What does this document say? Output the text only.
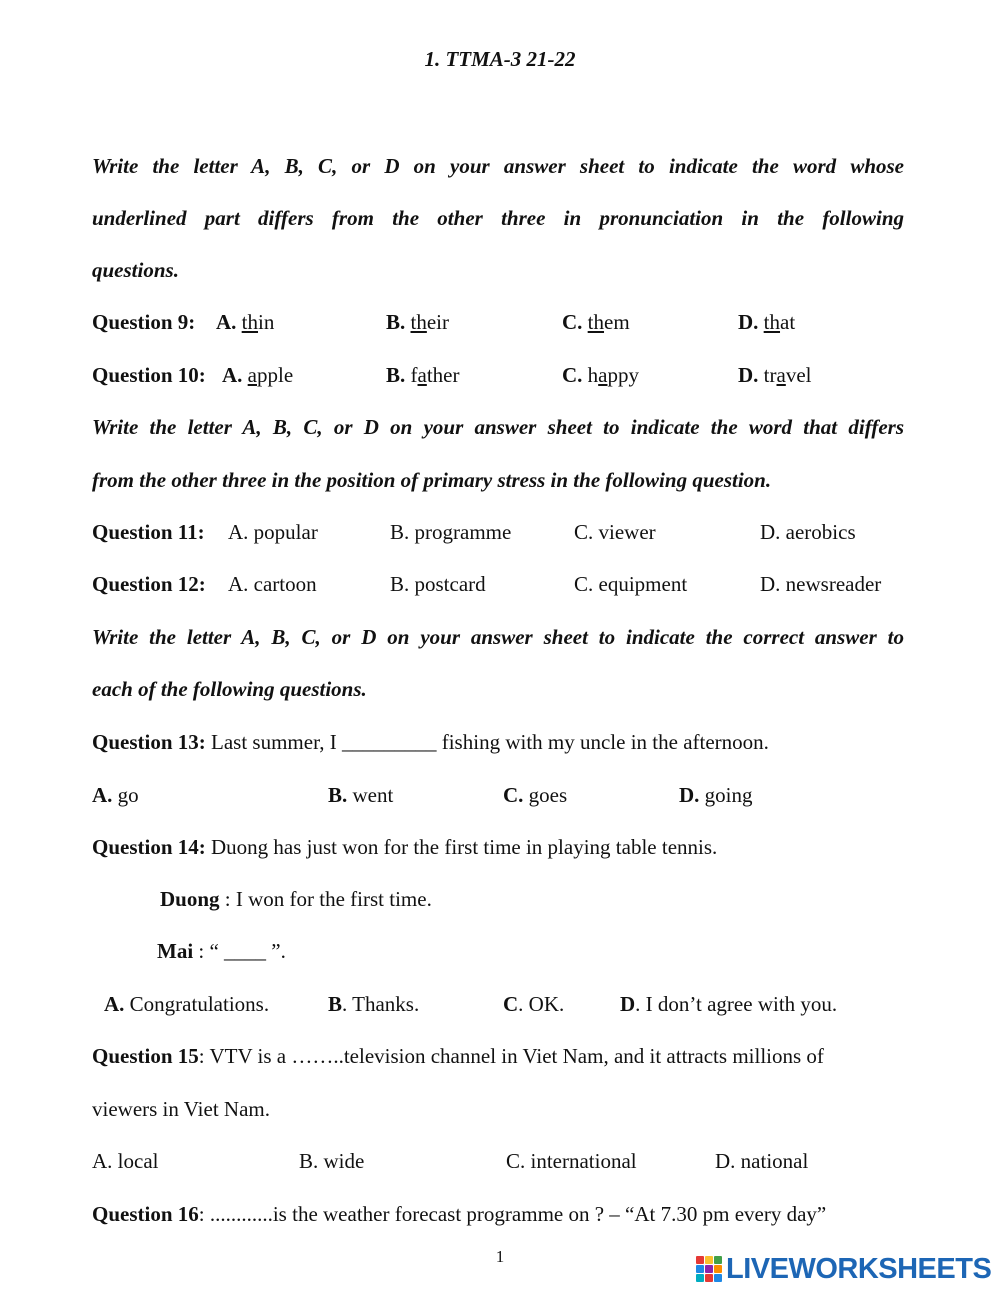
1. TTMA-3 21-22
Write the letter A, B, C, or D on your answer sheet to indicate the word whose
underlined part differs from the other three in pronunciation in the following
questions.
Question 9: A. thin	B. their	C. them	D. that
Question 10: A. apple	B. father	C. happy	D. travel
Write the letter A, B, C, or D on your answer sheet to indicate the word that differs
from the other three in the position of primary stress in the following question.
Question 11: A. popular	B. programme	C. viewer	D. aerobics
Question 12: A. cartoon	B. postcard	C. equipment	D. newsreader
Write the letter A, B, C, or D on your answer sheet to indicate the correct answer to
each of the following questions.
Question 13: Last summer, I _________ fishing with my uncle in the afternoon.
A. go	B. went	C. goes	D. going
Question 14: Duong has just won for the first time in playing table tennis.
Duong : I won for the first time.
Mai : “ ____ ”.
A. Congratulations.	B. Thanks.	C. OK.	D. I don’t agree with you.
Question 15: VTV is a ……..television channel in Viet Nam, and it attracts millions of
viewers in Viet Nam.
A. local	B. wide	C. international	D. national
Question 16: ............is the weather forecast programme on ? – “At 7.30 pm every day”
1	LIVEWORKSHEETS
